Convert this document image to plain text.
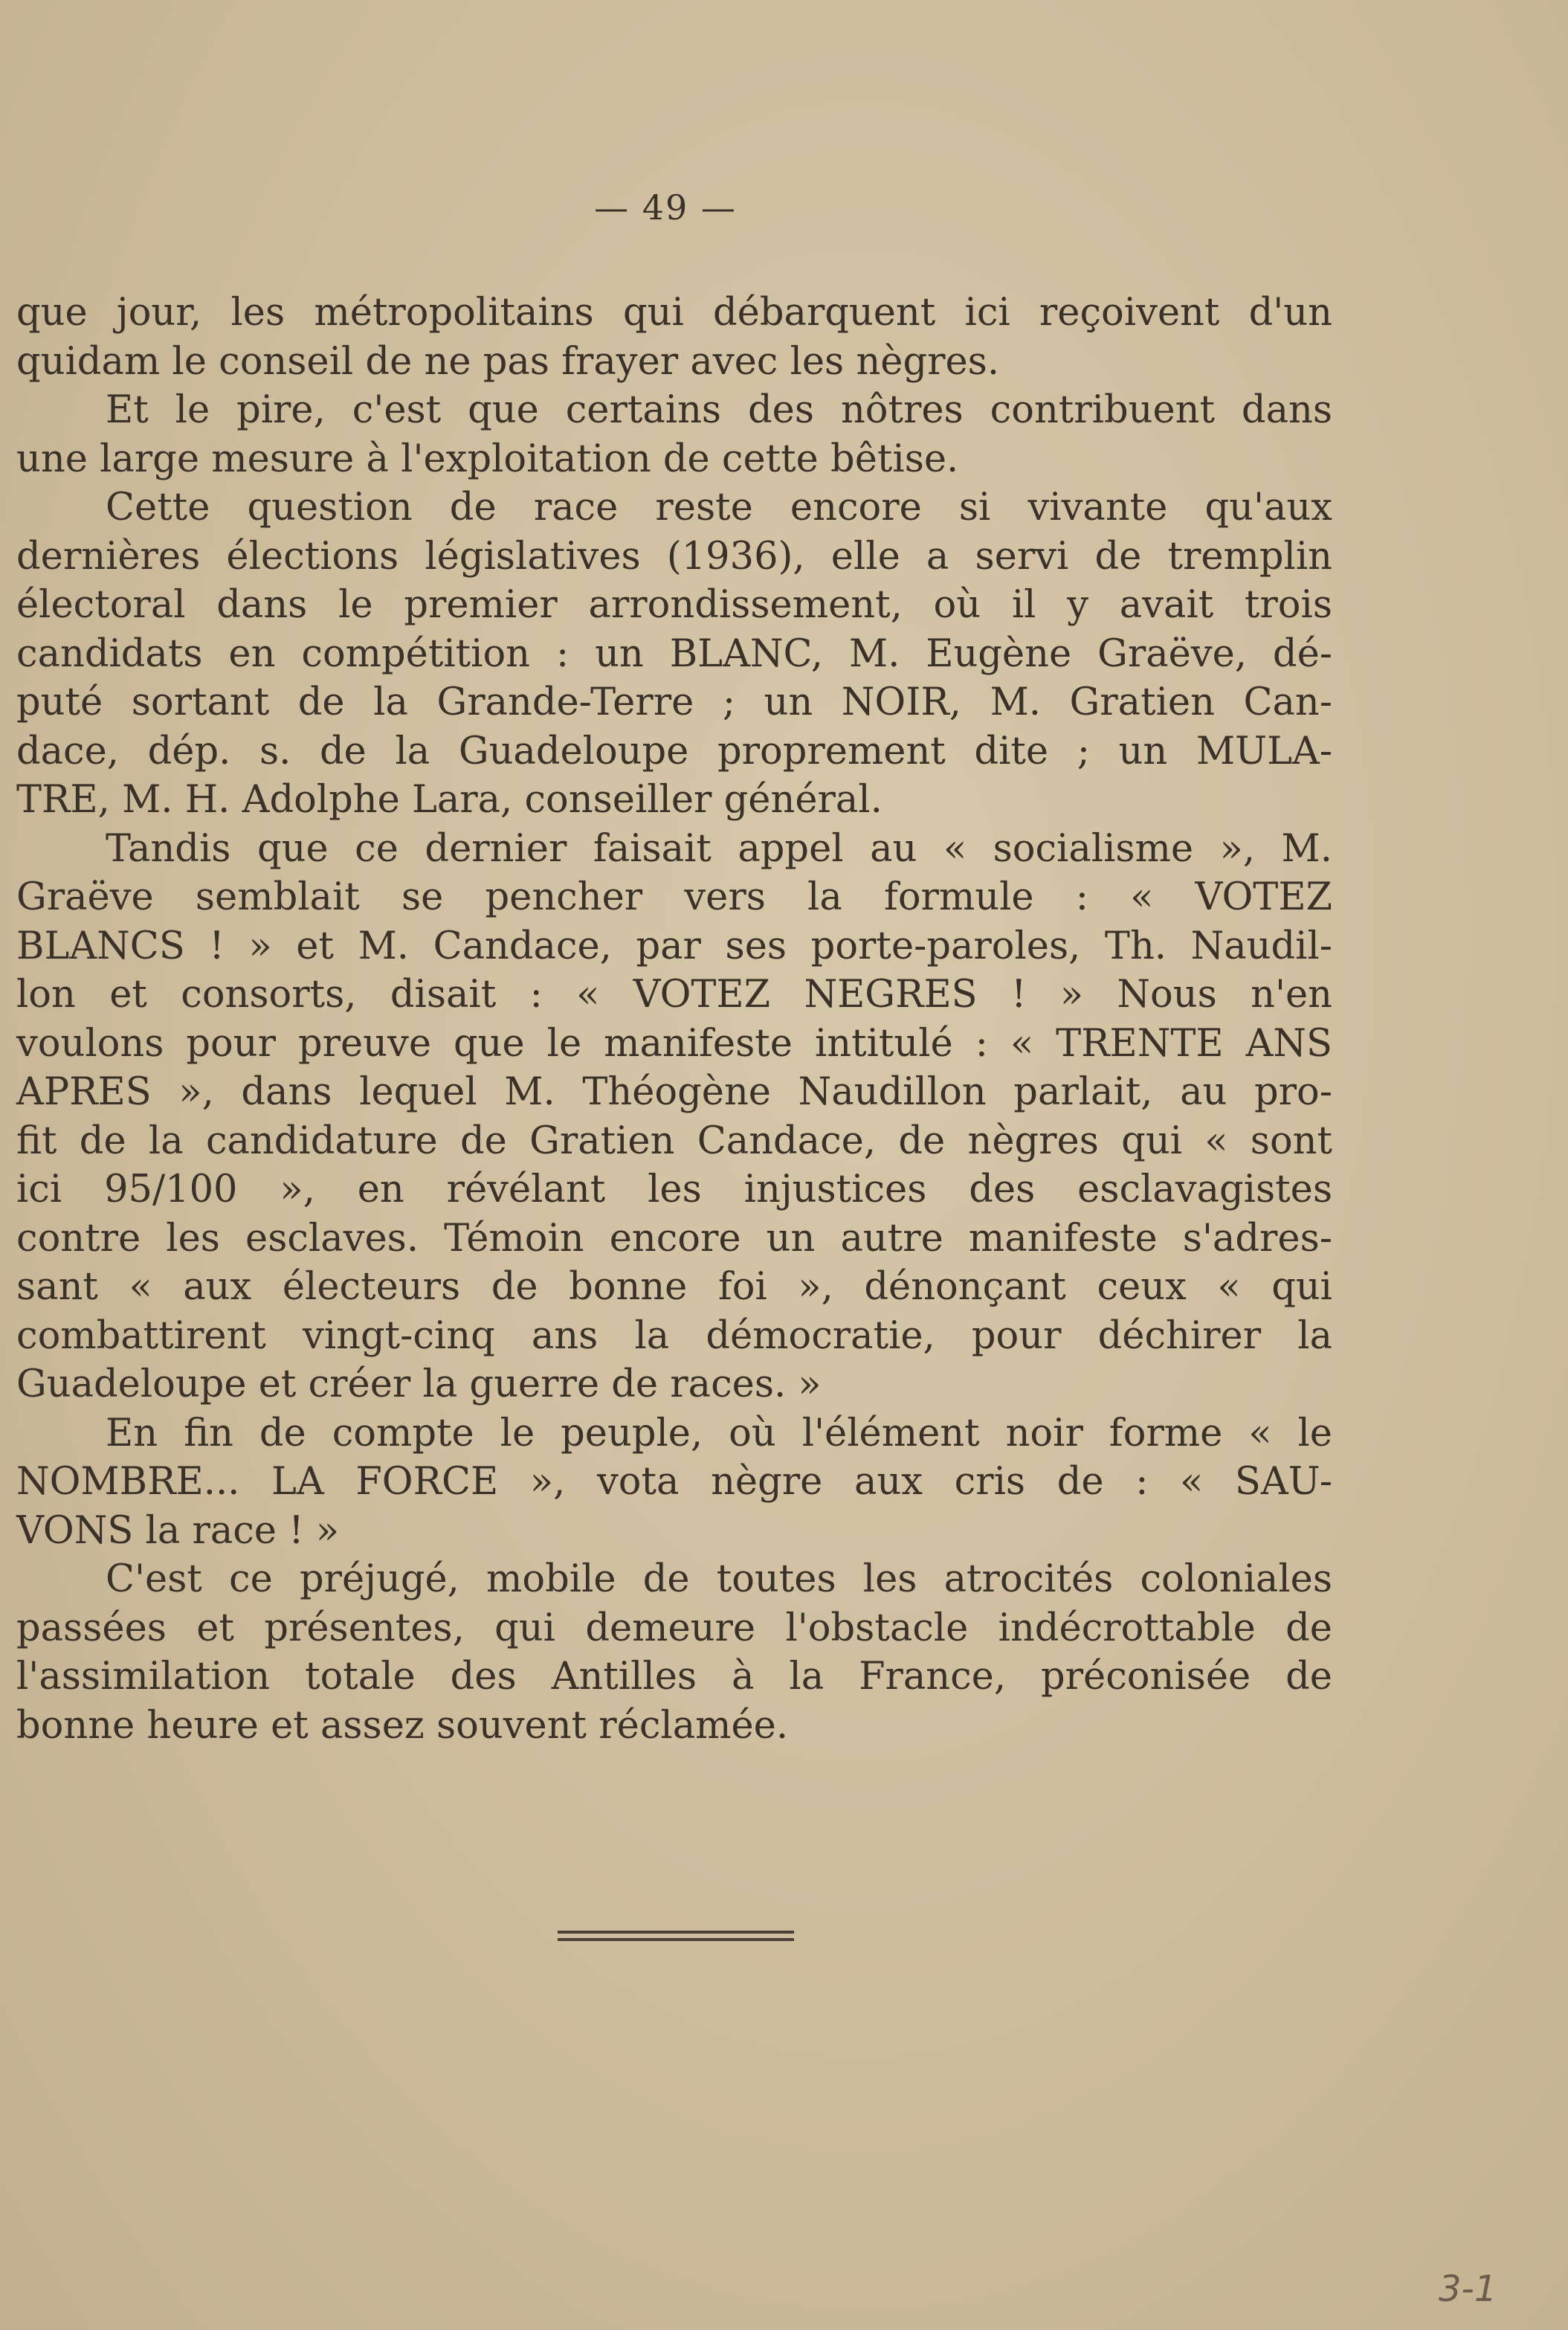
— 49 —
que jour, les métropolitains qui débarquent ici reçoivent d'un
quidam le conseil de ne pas frayer avec les nègres.
Et le pire, c'est que certains des nôtres contribuent dans
une large mesure à l'exploitation de cette bêtise.
Cette question de race reste encore si vivante qu'aux
dernières élections législatives (1936), elle a servi de tremplin
électoral dans le premier arrondissement, où il y avait trois
candidats en compétition : un BLANC, M. Eugène Graëve, dé-
puté sortant de la Grande-Terre ; un NOIR, M. Gratien Can-
dace, dép. s. de la Guadeloupe proprement dite ; un MULA-
TRE, M. H. Adolphe Lara, conseiller général.
Tandis que ce dernier faisait appel au « socialisme », M.
Graëve semblait se pencher vers la formule : « VOTEZ
BLANCS ! » et M. Candace, par ses porte-paroles, Th. Naudil-
lon et consorts, disait : « VOTEZ NEGRES ! » Nous n'en
voulons pour preuve que le manifeste intitulé : « TRENTE ANS
APRES », dans lequel M. Théogène Naudillon parlait, au pro-
fit de la candidature de Gratien Candace, de nègres qui « sont
ici 95/100 », en révélant les injustices des esclavagistes
contre les esclaves. Témoin encore un autre manifeste s'adres-
sant « aux électeurs de bonne foi », dénonçant ceux « qui
combattirent vingt-cinq ans la démocratie, pour déchirer la
Guadeloupe et créer la guerre de races. »
En fin de compte le peuple, où l'élément noir forme « le
NOMBRE... LA FORCE », vota nègre aux cris de : « SAU-
VONS la race ! »
C'est ce préjugé, mobile de toutes les atrocités coloniales
passées et présentes, qui demeure l'obstacle indécrottable de
l'assimilation totale des Antilles à la France, préconisée de
bonne heure et assez souvent réclamée.
3-1
